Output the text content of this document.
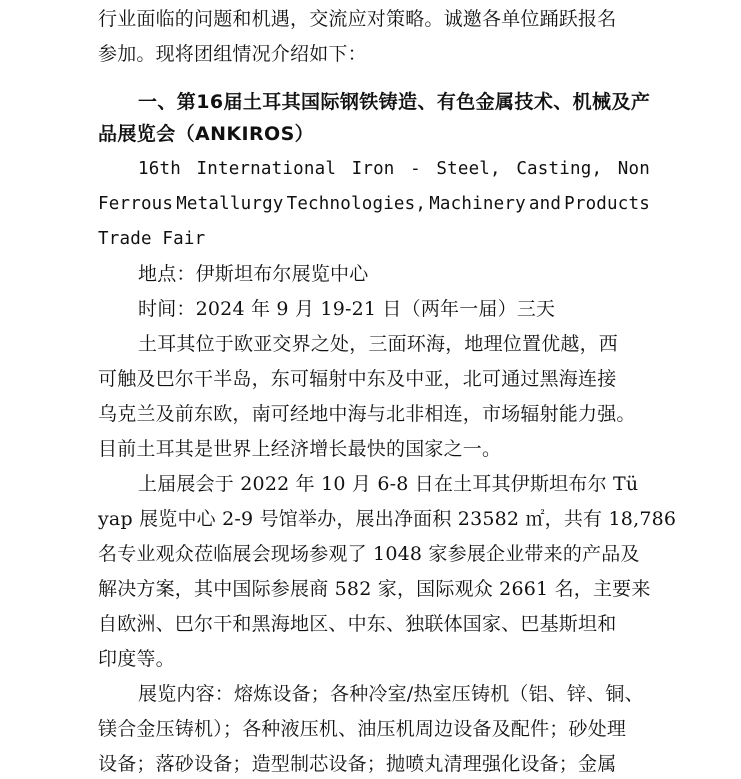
行业面临的问题和机遇，交流应对策略。诚邀各单位踊跃报名
参加。现将团组情况介绍如下：
一、第16届土耳其国际钢铁铸造、有色金属技术、机械及产
品展览会（ANKIROS）
16th International Iron - Steel, Casting, Non
Ferrous Metallurgy Technologies, Machinery and Products
Trade Fair
地点：伊斯坦布尔展览中心
时间：2024 年 9 月 19-21 日（两年一届）三天
土耳其位于欧亚交界之处，三面环海，地理位置优越，西
可触及巴尔干半岛，东可辐射中东及中亚，北可通过黑海连接
乌克兰及前东欧，南可经地中海与北非相连，市场辐射能力强。
目前土耳其是世界上经济增长最快的国家之一。
上届展会于 2022 年 10 月 6-8 日在土耳其伊斯坦布尔 Tü
yap 展览中心 2-9 号馆举办，展出净面积 23582 ㎡，共有 18,786
名专业观众莅临展会现场参观了 1048 家参展企业带来的产品及
解决方案，其中国际参展商 582 家，国际观众 2661 名，主要来
自欧洲、巴尔干和黑海地区、中东、独联体国家、巴基斯坦和
印度等。
展览内容：熔炼设备；各种冷室/热室压铸机（铝、锌、铜、
镁合金压铸机）；各种液压机、油压机周边设备及配件；砂处理
设备；落砂设备；造型制芯设备；抛喷丸清理强化设备；金属
